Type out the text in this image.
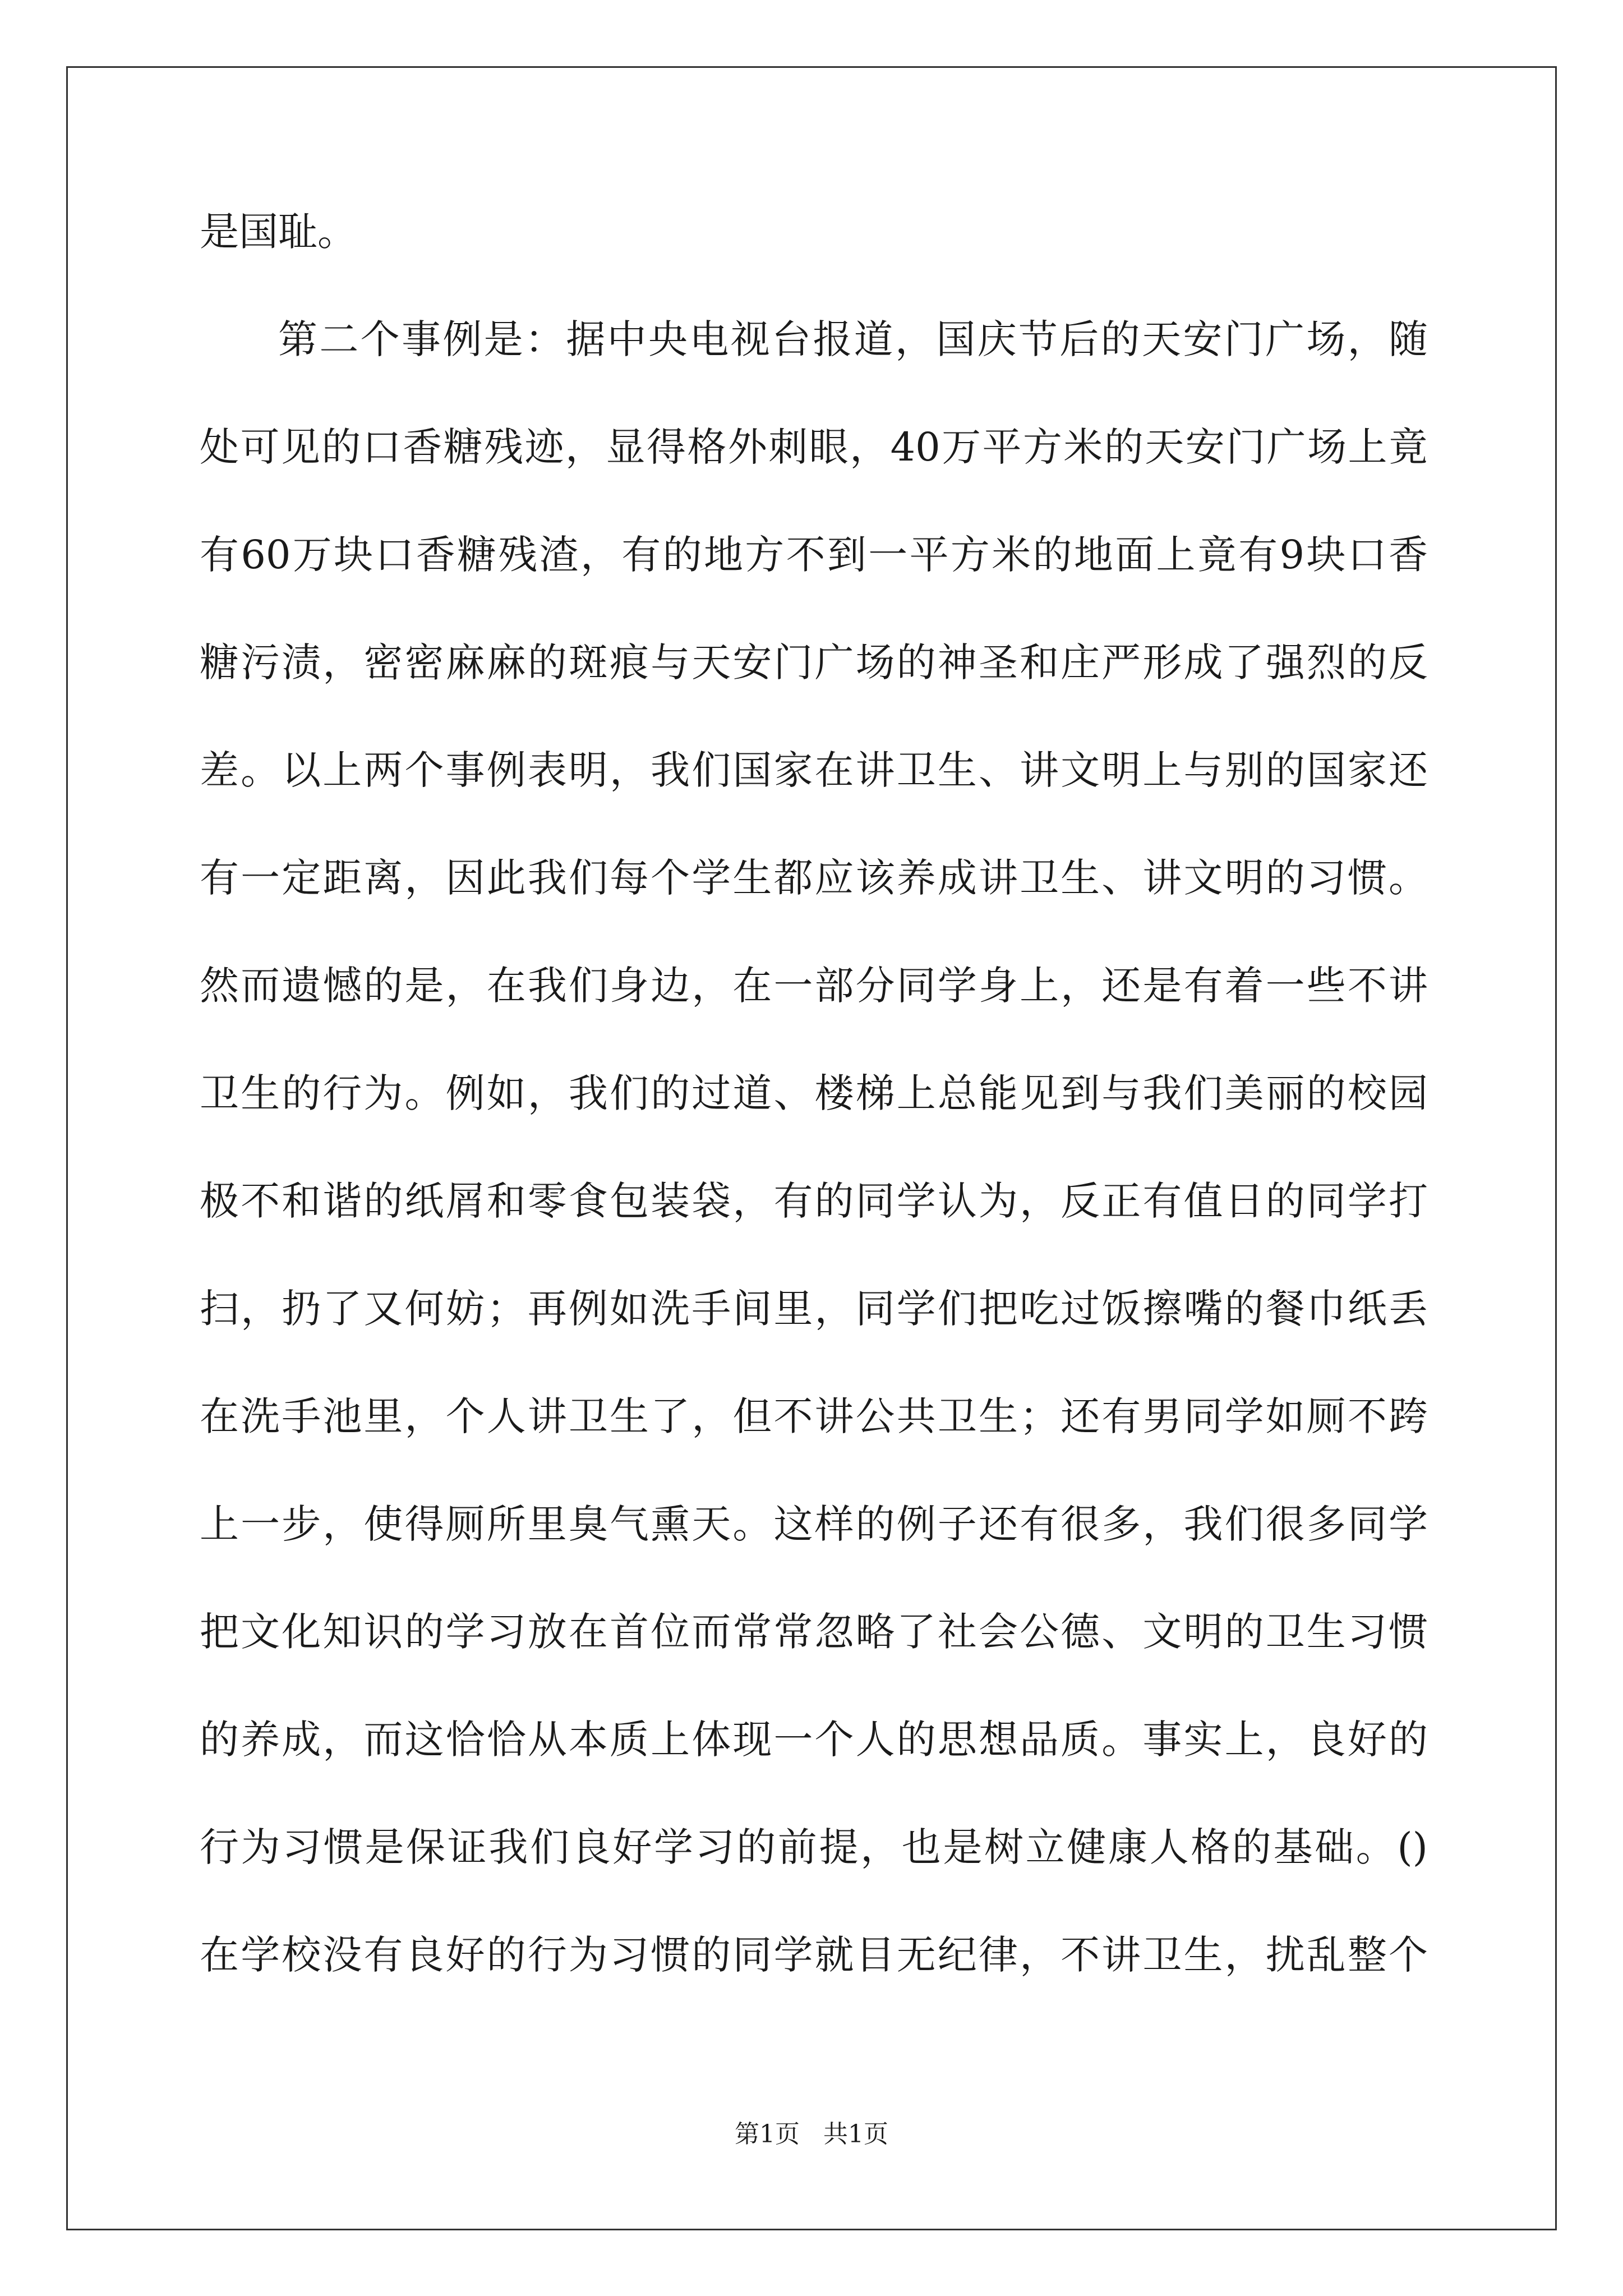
是国耻。
第二个事例是：据中央电视台报道，国庆节后的天安门广场，随
处可见的口香糖残迹，显得格外刺眼，40万平方米的天安门广场上竟
有60万块口香糖残渣，有的地方不到一平方米的地面上竟有9块口香
糖污渍，密密麻麻的斑痕与天安门广场的神圣和庄严形成了强烈的反
差。以上两个事例表明，我们国家在讲卫生、讲文明上与别的国家还
有一定距离，因此我们每个学生都应该养成讲卫生、讲文明的习惯。
然而遗憾的是，在我们身边，在一部分同学身上，还是有着一些不讲
卫生的行为。例如，我们的过道、楼梯上总能见到与我们美丽的校园
极不和谐的纸屑和零食包装袋，有的同学认为，反正有值日的同学打
扫，扔了又何妨；再例如洗手间里，同学们把吃过饭擦嘴的餐巾纸丢
在洗手池里，个人讲卫生了，但不讲公共卫生；还有男同学如厕不跨
上一步，使得厕所里臭气熏天。这样的例子还有很多，我们很多同学
把文化知识的学习放在首位而常常忽略了社会公德、文明的卫生习惯
的养成，而这恰恰从本质上体现一个人的思想品质。事实上，良好的
行为习惯是保证我们良好学习的前提，也是树立健康人格的基础。()
在学校没有良好的行为习惯的同学就目无纪律，不讲卫生，扰乱整个
第1页   共1页
